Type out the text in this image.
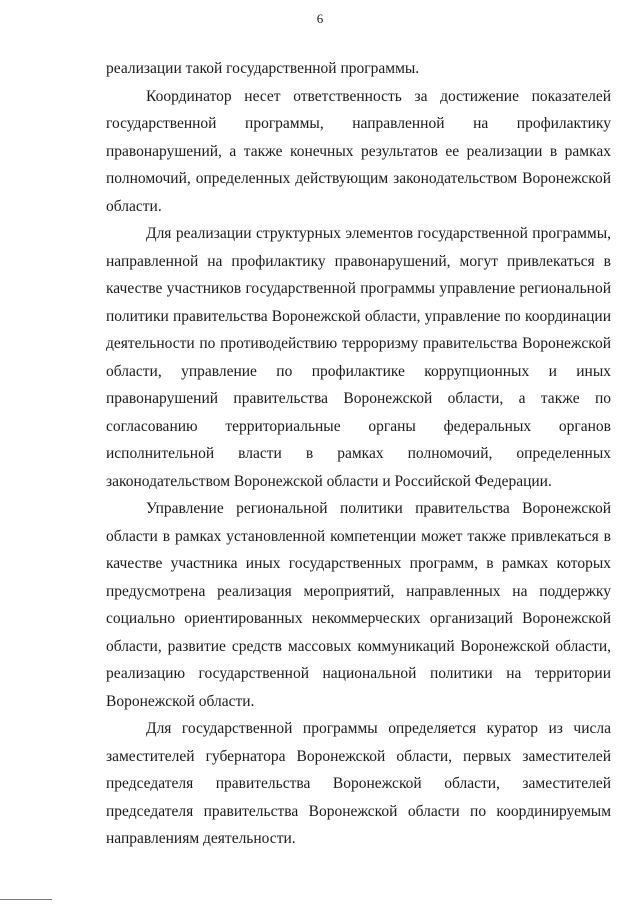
6

реализации такой государственной программы.

Координатор несет ответственность за достижение показателей государственной программы, направленной на профилактику правонарушений, а также конечных результатов ее реализации в рамках полномочий, определенных действующим законодательством Воронежской области.

Для реализации структурных элементов государственной программы, направленной на профилактику правонарушений, могут привлекаться в качестве участников государственной программы управление региональной политики правительства Воронежской области, управление по координации деятельности по противодействию терроризму правительства Воронежской области, управление по профилактике коррупционных и иных правонарушений правительства Воронежской области, а также по согласованию территориальные органы федеральных органов исполнительной власти в рамках полномочий, определенных законодательством Воронежской области и Российской Федерации.

Управление региональной политики правительства Воронежской области в рамках установленной компетенции может также привлекаться в качестве участника иных государственных программ, в рамках которых предусмотрена реализация мероприятий, направленных на поддержку социально ориентированных некоммерческих организаций Воронежской области, развитие средств массовых коммуникаций Воронежской области, реализацию государственной национальной политики на территории Воронежской области.

Для государственной программы определяется куратор из числа заместителей губернатора Воронежской области, первых заместителей председателя правительства Воронежской области, заместителей председателя правительства Воронежской области по координируемым направлениям деятельности.
